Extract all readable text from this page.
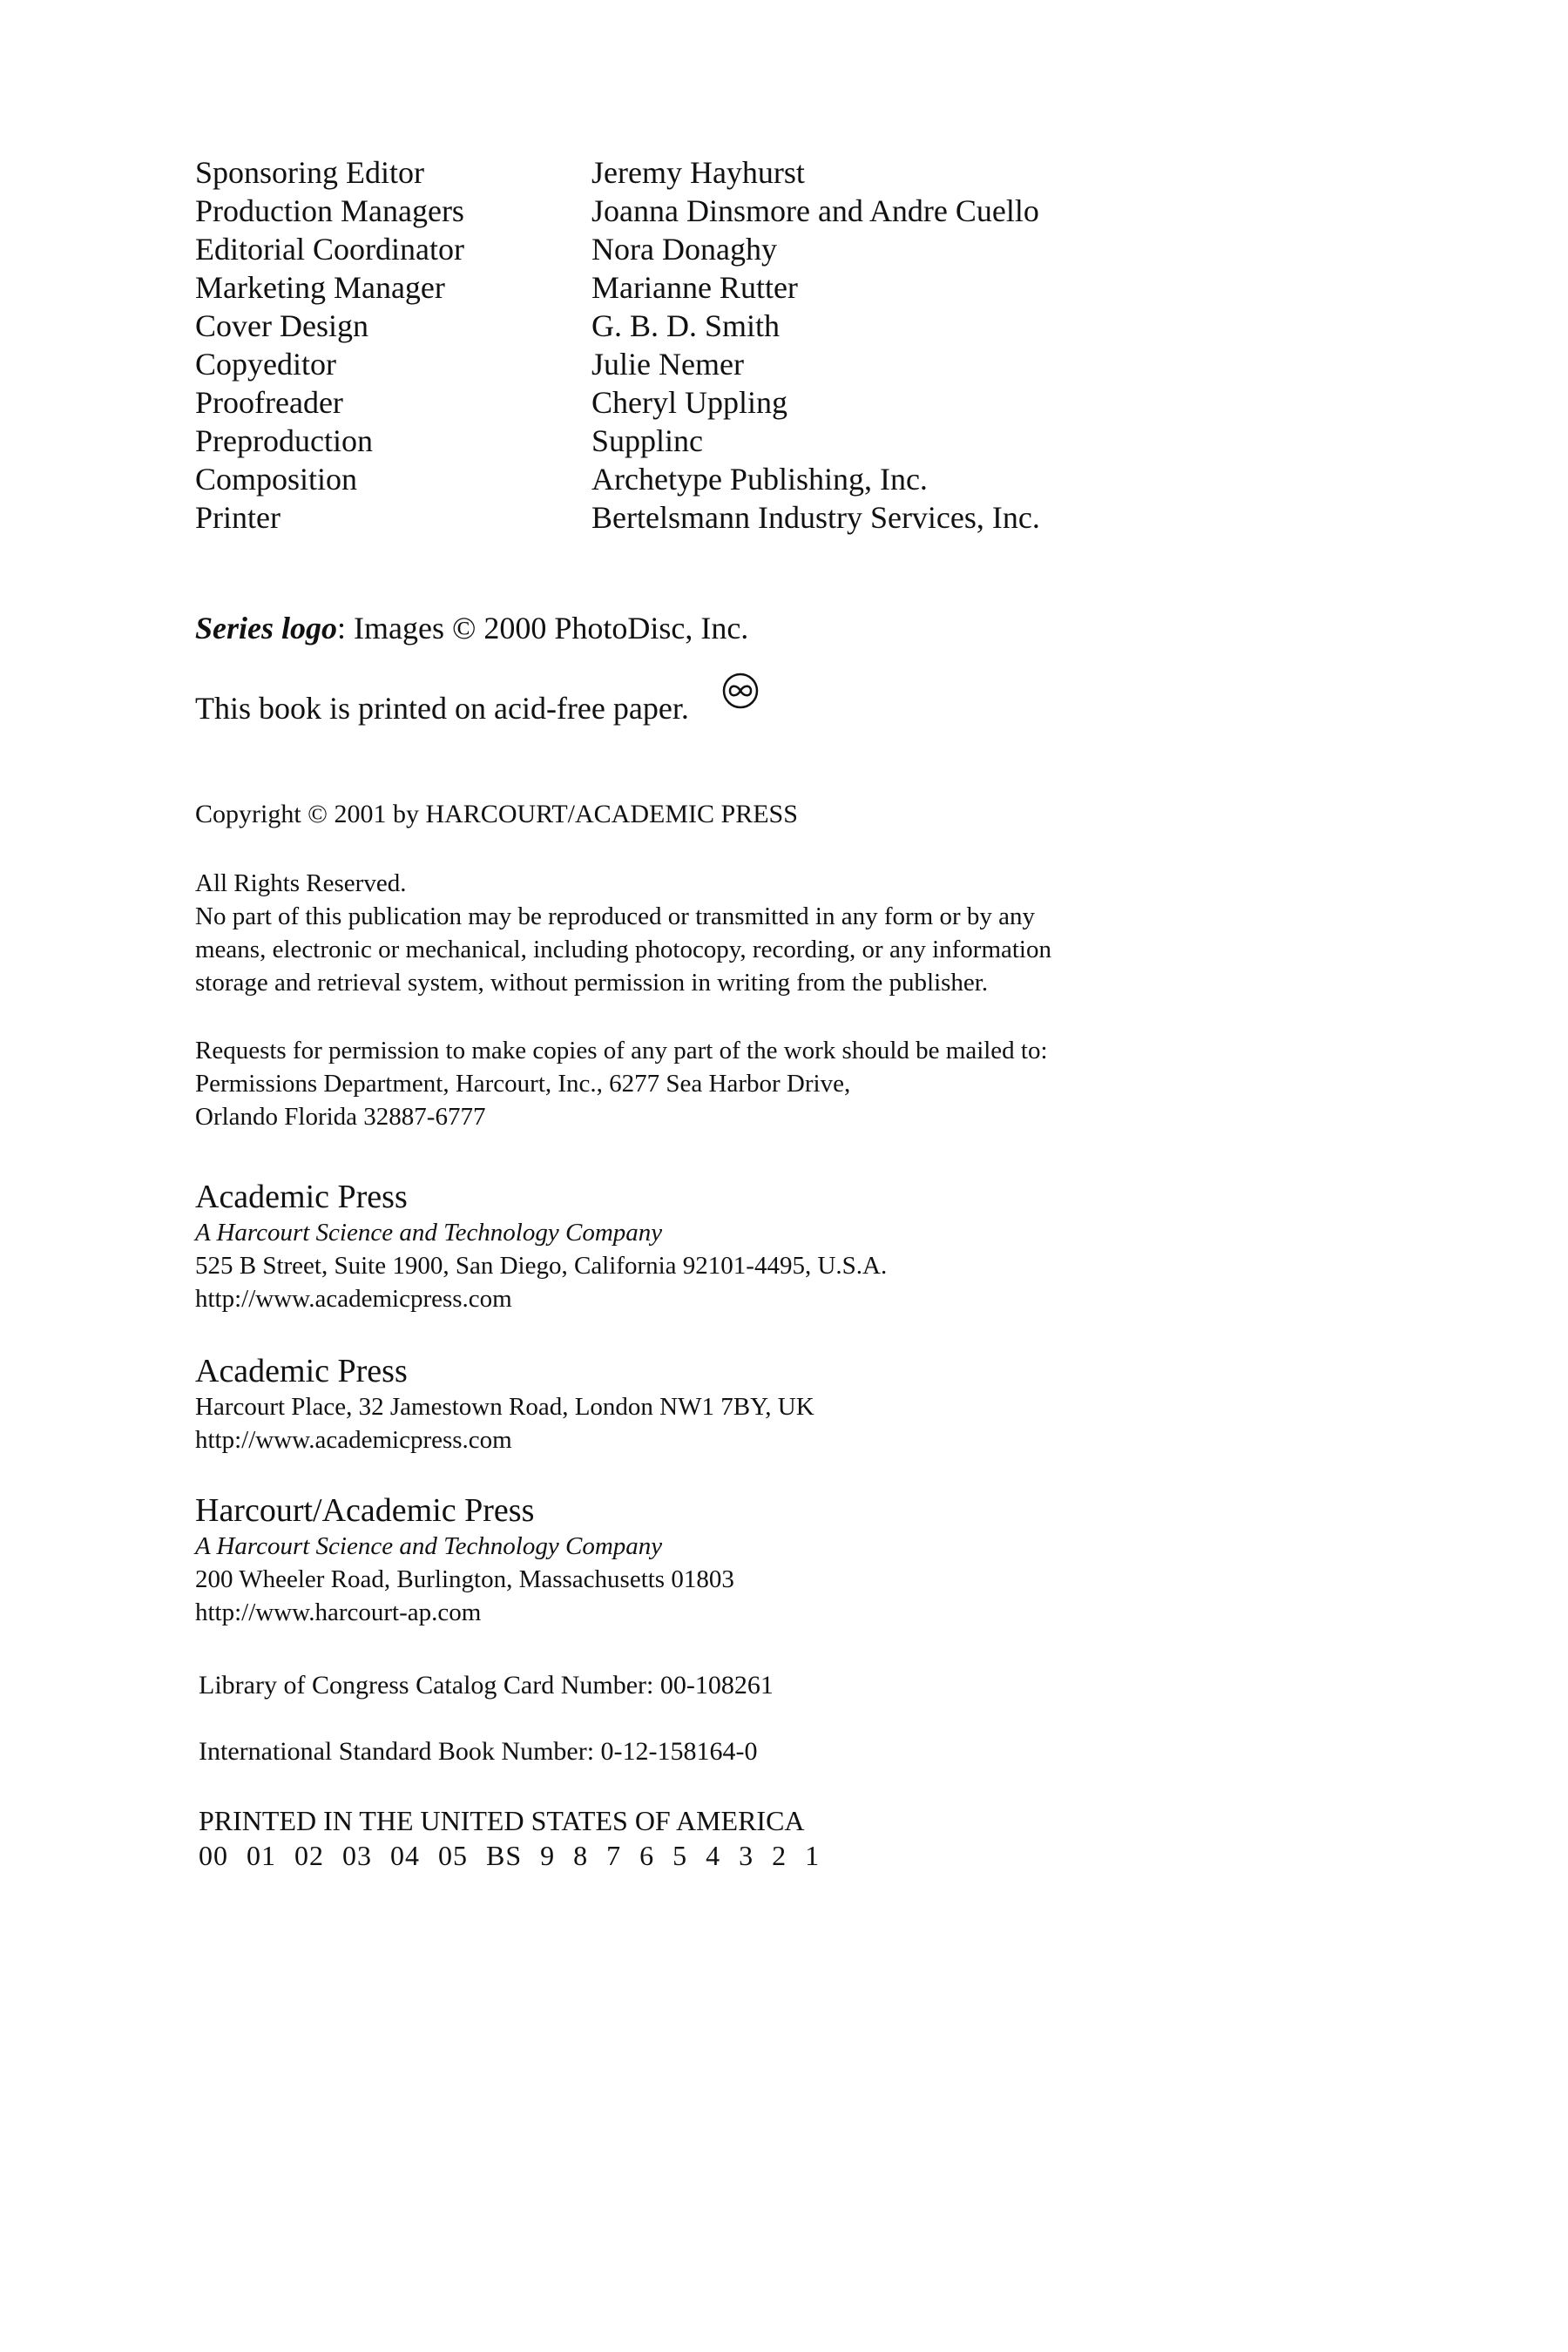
Sponsoring Editor	Jeremy Hayhurst
Production Managers	Joanna Dinsmore and Andre Cuello
Editorial Coordinator	Nora Donaghy
Marketing Manager	Marianne Rutter
Cover Design	G. B. D. Smith
Copyeditor	Julie Nemer
Proofreader	Cheryl Uppling
Preproduction	Supplinc
Composition	Archetype Publishing, Inc.
Printer	Bertelsmann Industry Services, Inc.
Series logo: Images © 2000 PhotoDisc, Inc.
This book is printed on acid-free paper.
Copyright © 2001 by HARCOURT/ACADEMIC PRESS
All Rights Reserved.
No part of this publication may be reproduced or transmitted in any form or by any
means, electronic or mechanical, including photocopy, recording, or any information
storage and retrieval system, without permission in writing from the publisher.
Requests for permission to make copies of any part of the work should be mailed to:
Permissions Department, Harcourt, Inc., 6277 Sea Harbor Drive,
Orlando Florida 32887-6777
Academic Press
A Harcourt Science and Technology Company
525 B Street, Suite 1900, San Diego, California 92101-4495, U.S.A.
http://www.academicpress.com
Academic Press
Harcourt Place, 32 Jamestown Road, London NW1 7BY, UK
http://www.academicpress.com
Harcourt/Academic Press
A Harcourt Science and Technology Company
200 Wheeler Road, Burlington, Massachusetts 01803
http://www.harcourt-ap.com
Library of Congress Catalog Card Number: 00-108261
International Standard Book Number: 0-12-158164-0
PRINTED IN THE UNITED STATES OF AMERICA
00 01 02 03 04 05 BS 9 8 7 6 5 4 3 2 1
